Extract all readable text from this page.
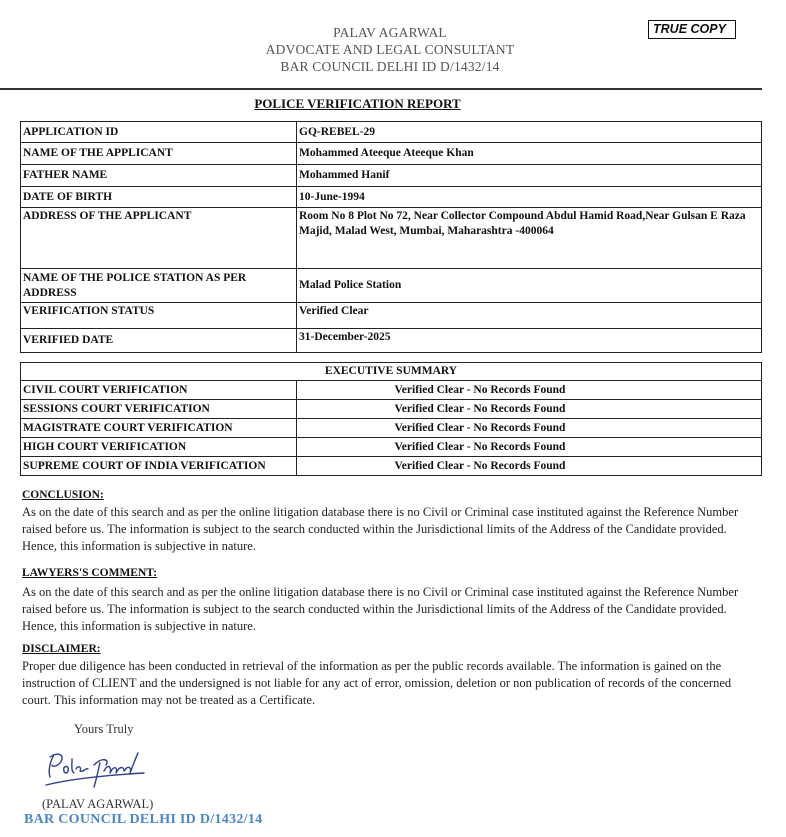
PALAV AGARWAL
ADVOCATE AND LEGAL CONSULTANT
BAR COUNCIL DELHI ID D/1432/14
TRUE COPY
POLICE VERIFICATION REPORT
APPLICATION ID	GQ-REBEL-29
NAME OF THE APPLICANT	Mohammed Ateeque Ateeque Khan
FATHER NAME	Mohammed Hanif
DATE OF BIRTH	10-June-1994
ADDRESS OF THE APPLICANT	Room No 8 Plot No 72, Near Collector Compound Abdul Hamid Road,Near Gulsan E Raza Majid, Malad West, Mumbai, Maharashtra -400064
NAME OF THE POLICE STATION AS PER ADDRESS	Malad Police Station
VERIFICATION STATUS	Verified Clear
VERIFIED DATE	31-December-2025
EXECUTIVE SUMMARY	
CIVIL COURT VERIFICATION	Verified Clear - No Records Found
SESSIONS COURT VERIFICATION	Verified Clear - No Records Found
MAGISTRATE COURT VERIFICATION	Verified Clear - No Records Found
HIGH COURT VERIFICATION	Verified Clear - No Records Found
SUPREME COURT OF INDIA VERIFICATION	Verified Clear - No Records Found
CONCLUSION:
As on the date of this search and as per the online litigation database there is no Civil or Criminal case instituted against the Reference Number raised before us. The information is subject to the search conducted within the Jurisdictional limits of the Address of the Candidate provided. Hence, this information is subjective in nature.
LAWYERS'S COMMENT:
As on the date of this search and as per the online litigation database there is no Civil or Criminal case instituted against the Reference Number raised before us. The information is subject to the search conducted within the Jurisdictional limits of the Address of the Candidate provided. Hence, this information is subjective in nature.
DISCLAIMER:
Proper due diligence has been conducted in retrieval of the information as per the public records available. The information is gained on the instruction of CLIENT and the undersigned is not liable for any act of error, omission, deletion or non publication of records of the concerned court. This information may not be treated as a Certificate.
Yours Truly
(PALAV AGARWAL)
BAR COUNCIL DELHI ID D/1432/14
